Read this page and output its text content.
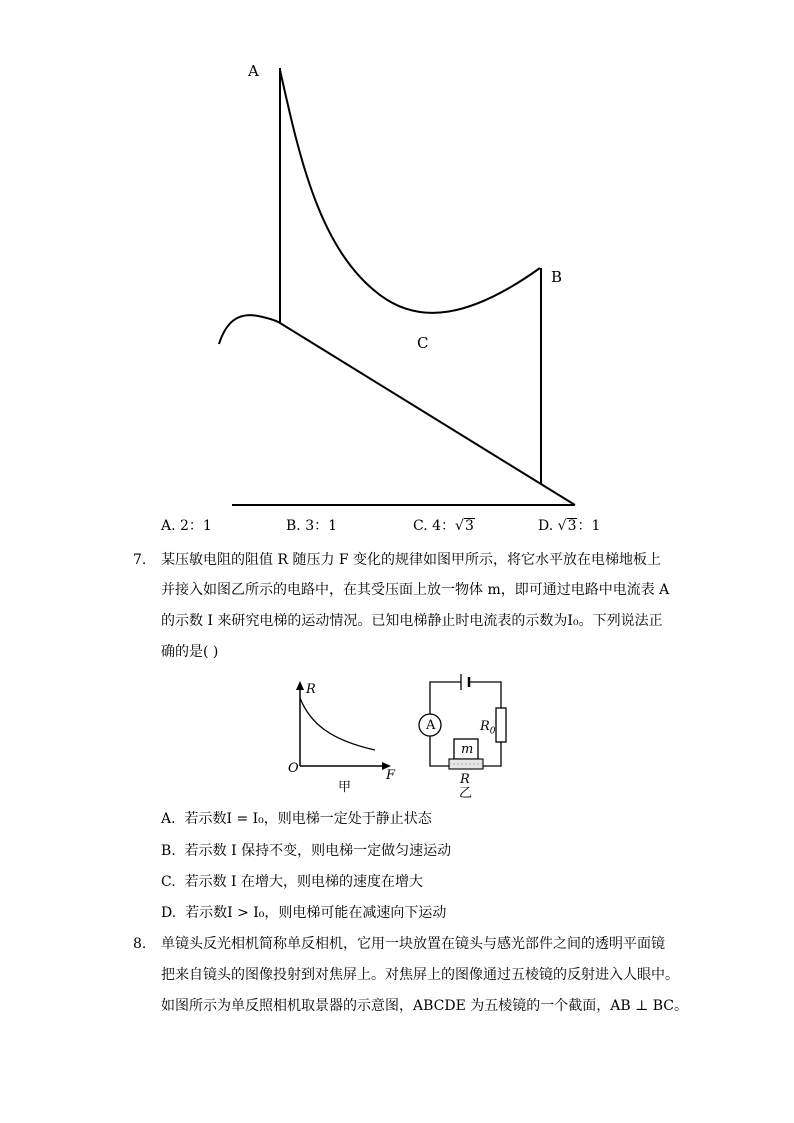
A
B
C
A. 2：1	B. 3：1	C. 4：√3	D. √3：1
7. 某压敏电阻的阻值 R 随压力 F 变化的规律如图甲所示，将它水平放在电梯地板上
并接入如图乙所示的电路中，在其受压面上放一物体 m，即可通过电路中电流表 A
的示数 I 来研究电梯的运动情况。已知电梯静止时电流表的示数为I₀。下列说法正
确的是( )
R
F
O
甲
A	$R_0$
m
R
乙
A. 若示数I = I₀，则电梯一定处于静止状态
B. 若示数 I 保持不变，则电梯一定做匀速运动
C. 若示数 I 在增大，则电梯的速度在增大
D. 若示数I > I₀，则电梯可能在减速向下运动
8. 单镜头反光相机简称单反相机，它用一块放置在镜头与感光部件之间的透明平面镜
把来自镜头的图像投射到对焦屏上。对焦屏上的图像通过五棱镜的反射进入人眼中。
如图所示为单反照相机取景器的示意图，ABCDE 为五棱镜的一个截面，AB ⊥ BC。
